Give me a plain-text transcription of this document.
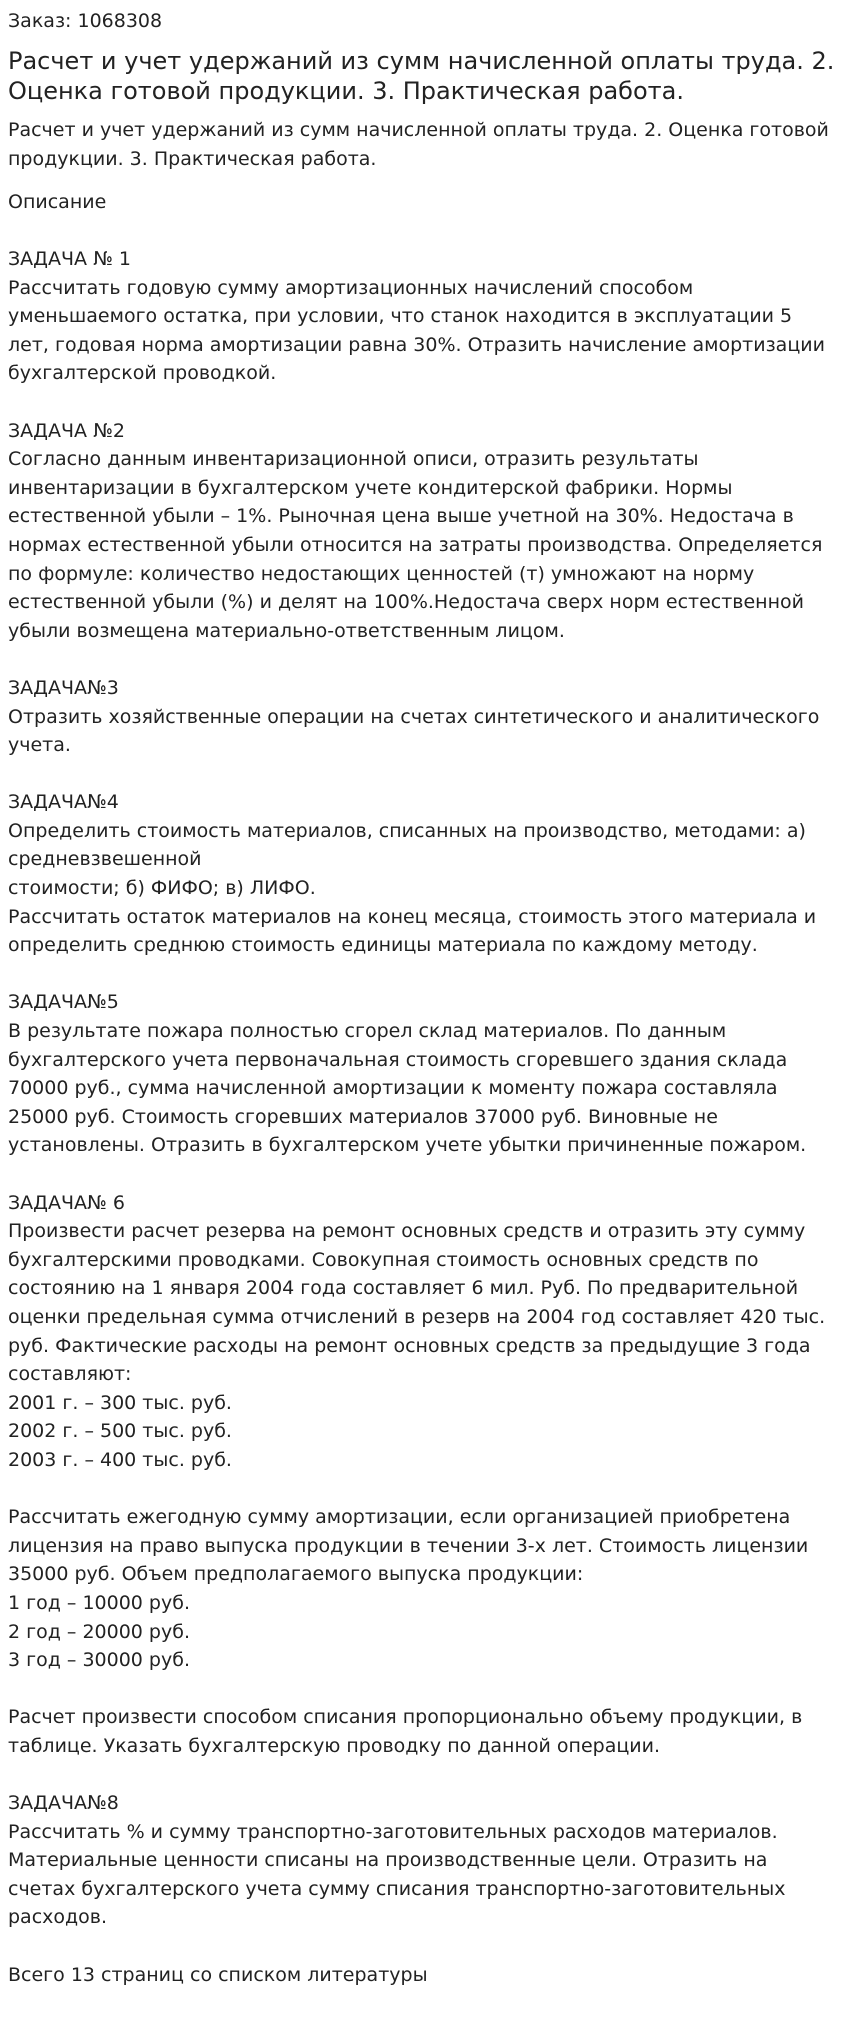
Заказ: 1068308
Расчет и учет удержаний из сумм начисленной оплаты труда. 2. Оценка готовой продукции. 3. Практическая работа.
Расчет и учет удержаний из сумм начисленной оплаты труда. 2. Оценка готовой продукции. 3. Практическая работа.
Описание
ЗАДАЧА № 1
Рассчитать годовую сумму амортизационных начислений способом уменьшаемого остатка, при условии, что станок находится в эксплуатации 5 лет, годовая норма амортизации равна 30%. Отразить начисление амортизации бухгалтерской проводкой.

ЗАДАЧА №2
Согласно данным инвентаризационной описи, отразить результаты инвентаризации в бухгалтерском учете кондитерской фабрики. Нормы естественной убыли – 1%. Рыночная цена выше учетной на 30%. Недостача в нормах естественной убыли относится на затраты производства. Определяется по формуле: количество недостающих ценностей (т) умножают на норму естественной убыли (%) и делят на 100%.Недостача сверх норм естественной убыли возмещена материально-ответственным лицом.

ЗАДАЧА№3
Отразить хозяйственные операции на счетах синтетического и аналитического учета.

ЗАДАЧА№4
Определить стоимость материалов, списанных на производство, методами: а) средневзвешенной
стоимости; б) ФИФО; в) ЛИФО.
Рассчитать остаток материалов на конец месяца, стоимость этого материала и определить среднюю стоимость единицы материала по каждому методу.

ЗАДАЧА№5
В результате пожара полностью сгорел склад материалов. По данным бухгалтерского учета первоначальная стоимость сгоревшего здания склада 70000 руб., сумма начисленной амортизации к моменту пожара составляла 25000 руб. Стоимость сгоревших материалов 37000 руб. Виновные не установлены. Отразить в бухгалтерском учете убытки причиненные пожаром.

ЗАДАЧА№ 6
Произвести расчет резерва на ремонт основных средств и отразить эту сумму бухгалтерскими проводками. Совокупная стоимость основных средств по состоянию на 1 января 2004 года составляет 6 мил. Руб. По предварительной оценки предельная сумма отчислений в резерв на 2004 год составляет 420 тыс. руб. Фактические расходы на ремонт основных средств за предыдущие 3 года составляют:
2001 г. – 300 тыс. руб.
2002 г. – 500 тыс. руб.
2003 г. – 400 тыс. руб.

Рассчитать ежегодную сумму амортизации, если организацией приобретена лицензия на право выпуска продукции в течении 3-х лет. Стоимость лицензии 35000 руб. Объем предполагаемого выпуска продукции:
1 год – 10000 руб.
2 год – 20000 руб.
3 год – 30000 руб.

Расчет произвести способом списания пропорционально объему продукции, в таблице. Указать бухгалтерскую проводку по данной операции.

ЗАДАЧА№8
Рассчитать % и сумму транспортно-заготовительных расходов материалов. Материальные ценности списаны на производственные цели. Отразить на счетах бухгалтерского учета сумму списания транспортно-заготовительных расходов.

Всего 13 страниц со списком литературы
